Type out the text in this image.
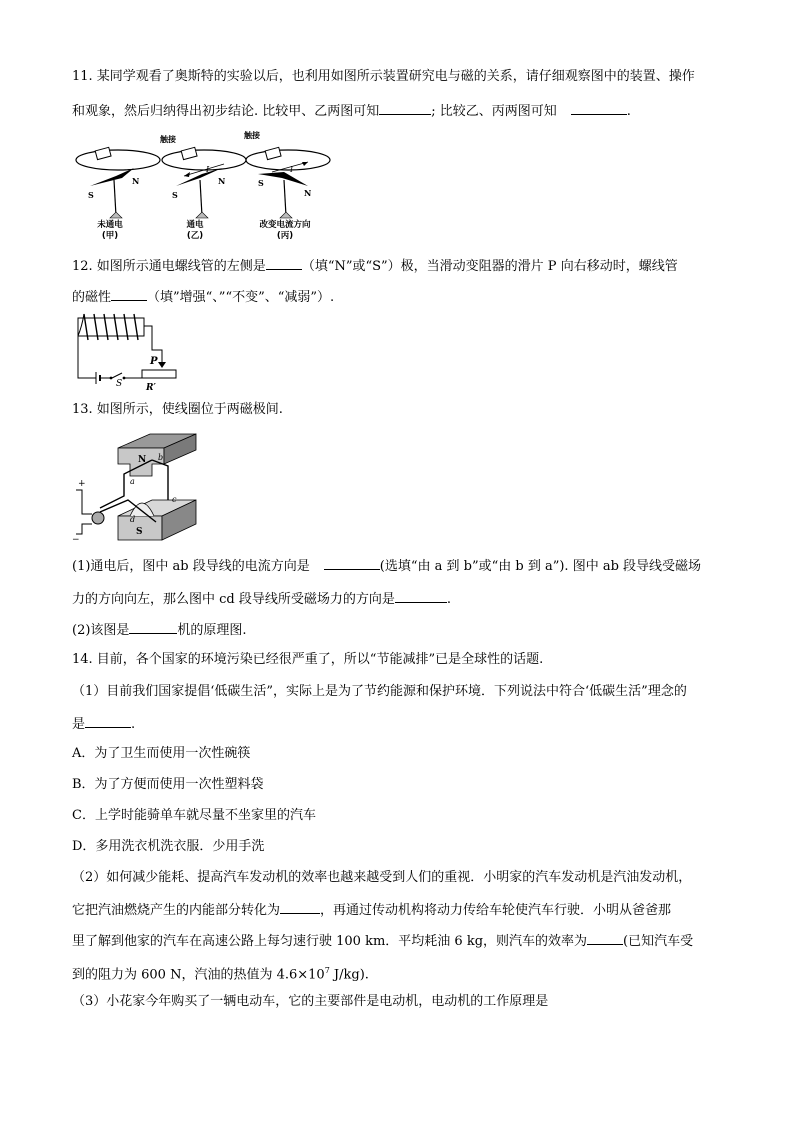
11. 某同学观看了奥斯特的实验以后，也利用如图所示装置研究电与磁的关系，请仔细观察图中的装置、操作
和观象，然后归纳得出初步结论. 比较甲、乙两图可知	; 比较乙、丙两图可知	.
S
N
触接
I
S
N
触接
I
S
N
未通电
(甲)
通电
(乙)
改变电流方向
(丙)
12. 如图所示通电螺线管的左侧是	（填“N”或“S”）极，当滑动变阻器的滑片 P 向右移动时，螺线管
的磁性	（填”增强“、”“不变”、“减弱”）.
P
S	R′
13. 如图所示，使线圈位于两磁极间.
N
S
a
b
c
d
+
−
(1)通电后，图中 ab 段导线的电流方向是	(选填“由 a 到 b”或“由 b 到 a”). 图中 ab 段导线受磁场
力的方向向左，那么图中 cd 段导线所受磁场力的方向是	.
(2)该图是	机的原理图.
14. 目前，各个国家的环境污染已经很严重了，所以“节能减排”已是全球性的话题.
（1）目前我们国家提倡‘低碳生活”，实际上是为了节约能源和保护环境．下列说法中符合‘低碳生活”理念的
是	.
A．为了卫生而使用一次性碗筷
B．为了方便而使用一次性塑料袋
C．上学时能骑单车就尽量不坐家里的汽车
D．多用洗衣机洗衣服．少用手洗
（2）如何减少能耗、提高汽车发动机的效率也越来越受到人们的重视．小明家的汽车发动机是汽油发动机，
它把汽油燃烧产生的内能部分转化为	，再通过传动机构将动力传给车轮使汽车行驶．小明从爸爸那
里了解到他家的汽车在高速公路上每匀速行驶 100 km．平均耗油 6 kg，则汽车的效率为	(已知汽车受
到的阻力为 600 N，汽油的热值为 $4.6\times 10^7$ J/kg).
（3）小花家今年购买了一辆电动车，它的主要部件是电动机，电动机的工作原理是
